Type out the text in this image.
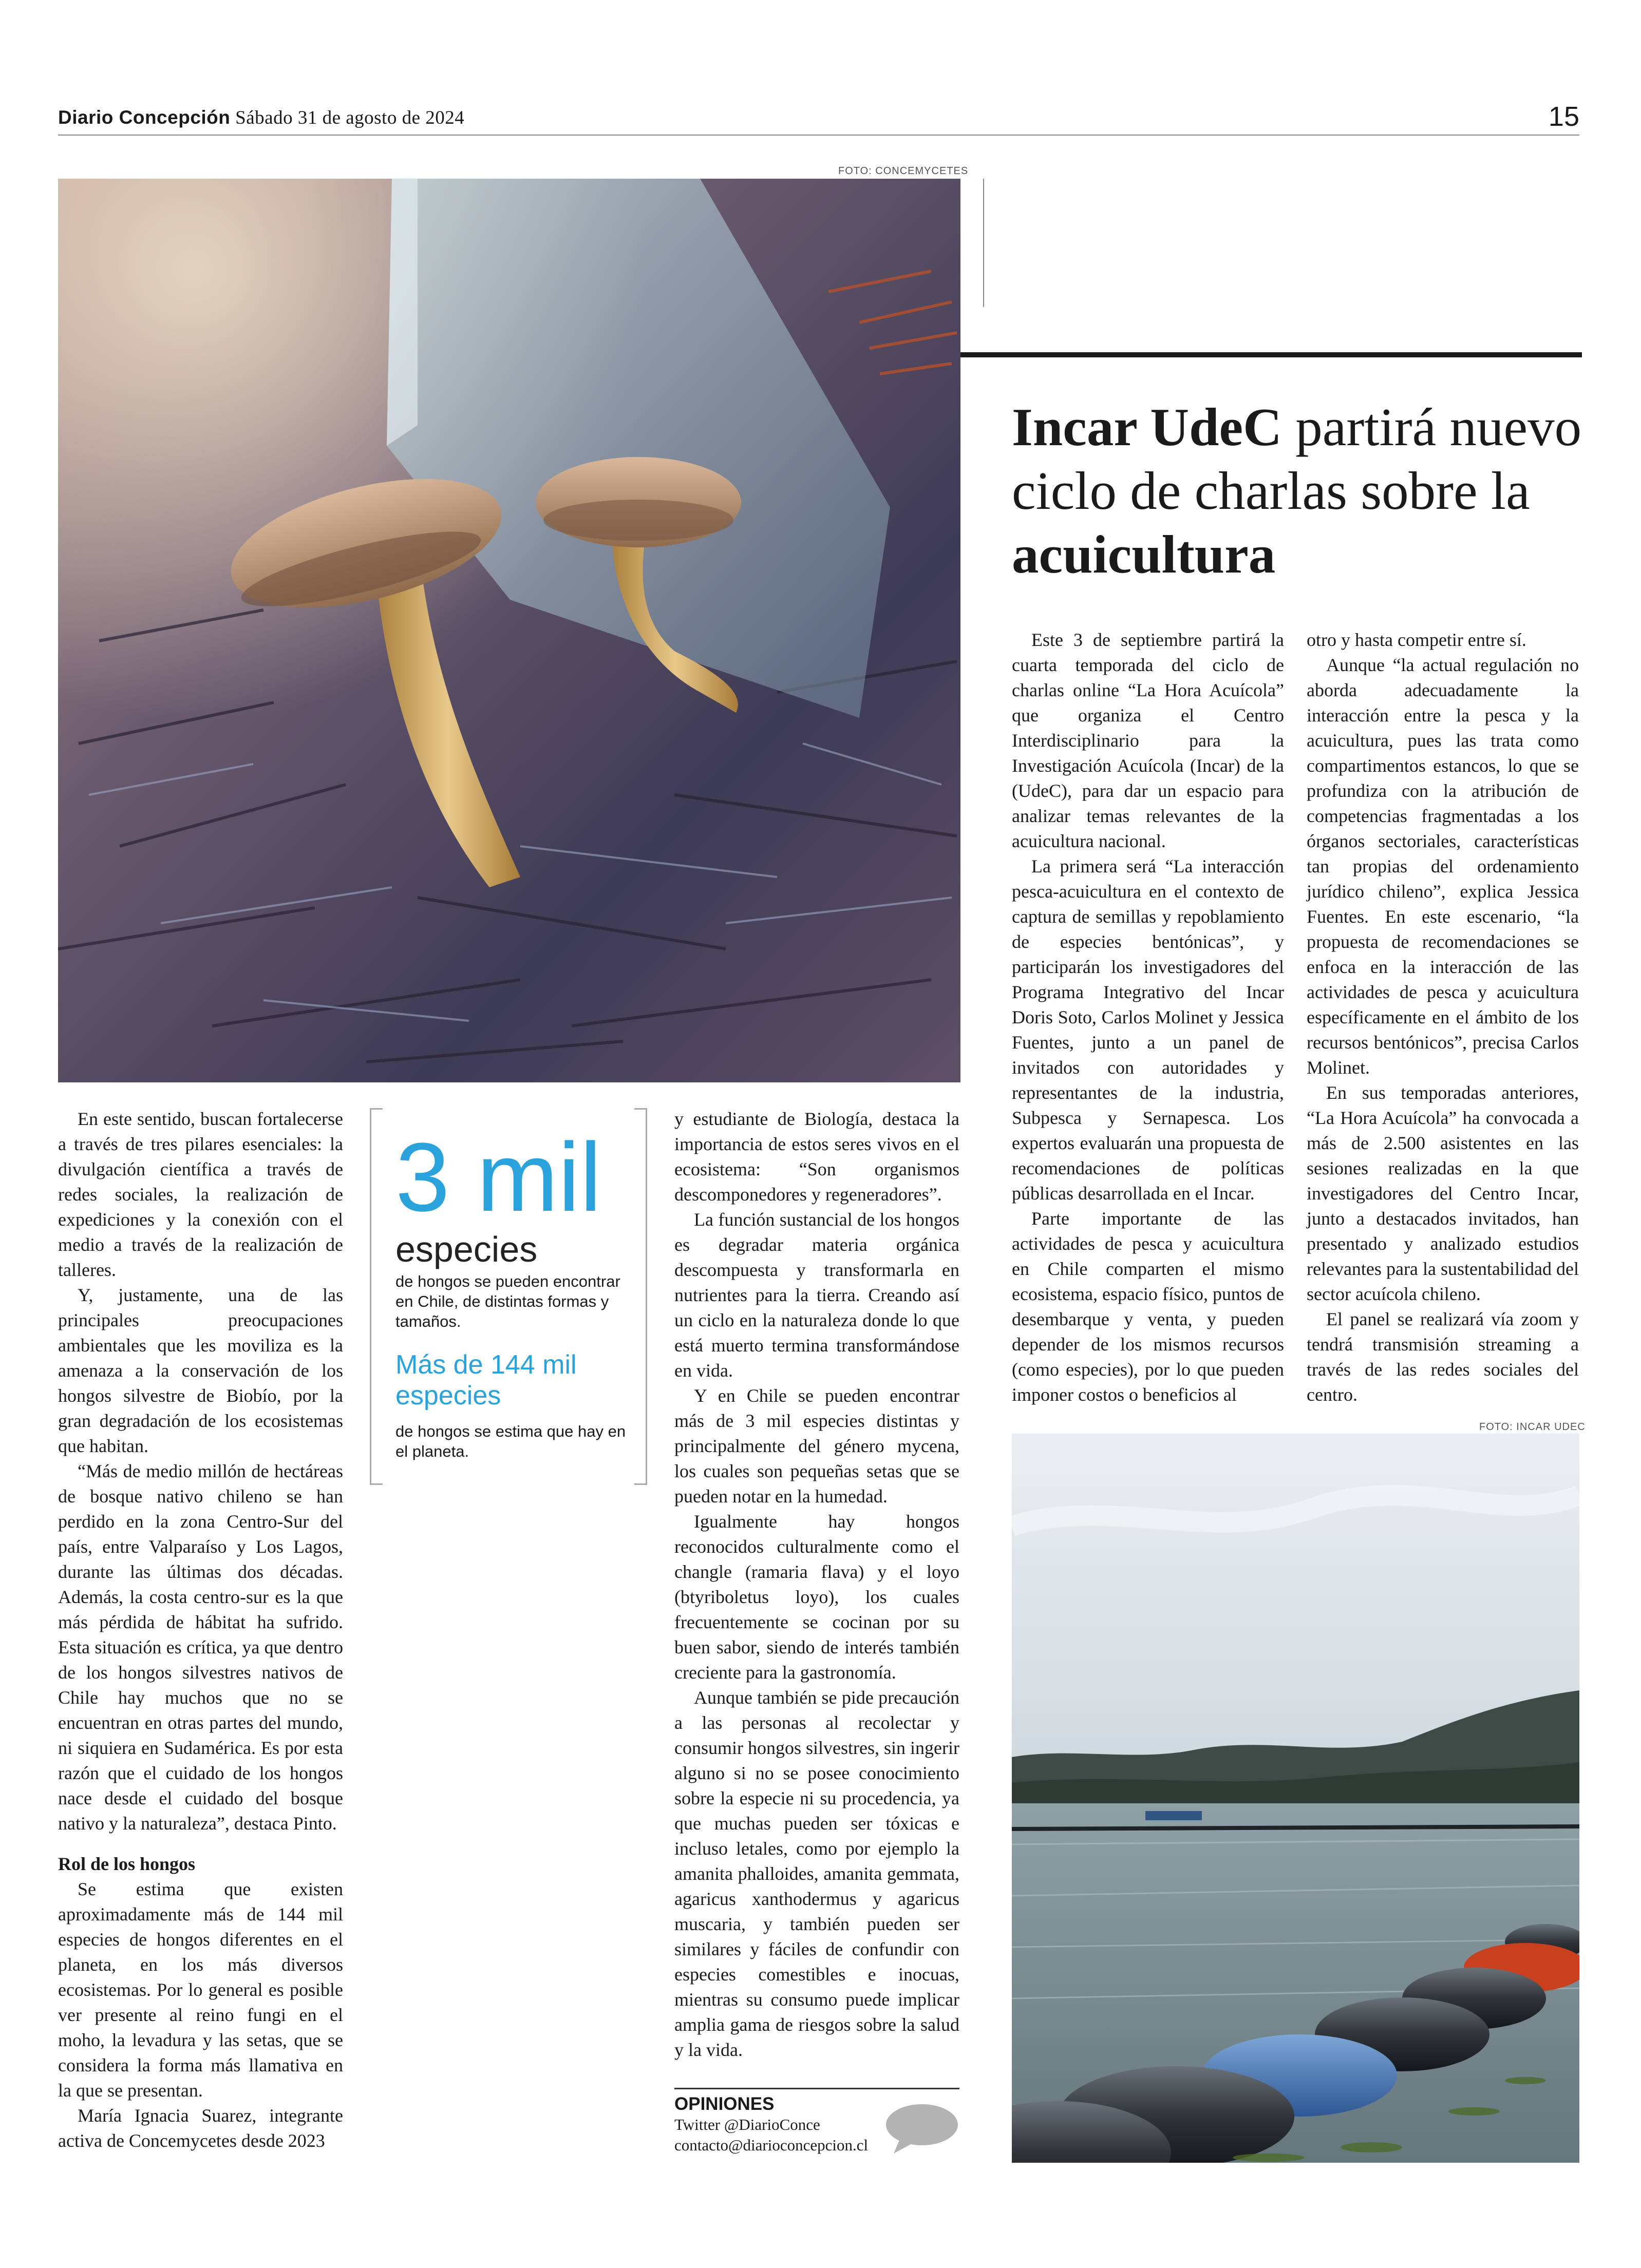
Diario Concepción Sábado 31 de agosto de 2024	15
FOTO: CONCEMYCETES
Incar UdeC partirá nuevo ciclo de charlas sobre la acuicultura

Este 3 de septiembre partirá la cuarta temporada del ciclo de charlas online “La Hora Acuícola” que organiza el Centro Interdisciplinario para la Investigación Acuícola (Incar) de la (UdeC), para dar un espacio para analizar temas relevantes de la acuicultura nacional.

La primera será “La interacción pesca-acuicultura en el contexto de captura de semillas y repoblamiento de especies bentónicas”, y participarán los investigadores del Programa Integrativo del Incar Doris Soto, Carlos Molinet y Jessica Fuentes, junto a un panel de invitados con autoridades y representantes de la industria, Subpesca y Sernapesca. Los expertos evaluarán una propuesta de recomendaciones de políticas públicas desarrollada en el Incar.

Parte importante de las actividades de pesca y acuicultura en Chile comparten el mismo ecosistema, espacio físico, puntos de desembarque y venta, y pueden depender de los mismos recursos (como especies), por lo que pueden imponer costos o beneficios al

otro y hasta competir entre sí.

Aunque “la actual regulación no aborda adecuadamente la interacción entre la pesca y la acuicultura, pues las trata como compartimentos estancos, lo que se profundiza con la atribución de competencias fragmentadas a los órganos sectoriales, características tan propias del ordenamiento jurídico chileno”, explica Jessica Fuentes. En este escenario, “la propuesta de recomendaciones se enfoca en la interacción de las actividades de pesca y acuicultura específicamente en el ámbito de los recursos bentónicos”, precisa Carlos Molinet.

En sus temporadas anteriores, “La Hora Acuícola” ha convocada a más de 2.500 asistentes en las sesiones realizadas en la que investigadores del Centro Incar, junto a destacados invitados, han presentado y analizado estudios relevantes para la sustentabilidad del sector acuícola chileno.

El panel se realizará vía zoom y tendrá transmisión streaming a través de las redes sociales del centro.

FOTO: INCAR UDEC

En este sentido, buscan fortalecerse a través de tres pilares esenciales: la divulgación científica a través de redes sociales, la realización de expediciones y la conexión con el medio a través de la realización de talleres.

Y, justamente, una de las principales preocupaciones ambientales que les moviliza es la amenaza a la conservación de los hongos silvestre de Biobío, por la gran degradación de los ecosistemas que habitan.

“Más de medio millón de hectáreas de bosque nativo chileno se han perdido en la zona Centro-Sur del país, entre Valparaíso y Los Lagos, durante las últimas dos décadas. Además, la costa centro-sur es la que más pérdida de hábitat ha sufrido. Esta situación es crítica, ya que dentro de los hongos silvestres nativos de Chile hay muchos que no se encuentran en otras partes del mundo, ni siquiera en Sudamérica. Es por esta razón que el cuidado de los hongos nace desde el cuidado del bosque nativo y la naturaleza”, destaca Pinto.

Rol de los hongos

Se estima que existen aproximadamente más de 144 mil especies de hongos diferentes en el planeta, en los más diversos ecosistemas. Por lo general es posible ver presente al reino fungi en el moho, la levadura y las setas, que se considera la forma más llamativa en la que se presentan.

María Ignacia Suarez, integrante activa de Concemycetes desde 2023

3 mil
especies
de hongos se pueden encontrar en Chile, de distintas formas y tamaños.
Más de 144 mil especies
de hongos se estima que hay en el planeta.

y estudiante de Biología, destaca la importancia de estos seres vivos en el ecosistema: “Son organismos descomponedores y regeneradores”.

La función sustancial de los hongos es degradar materia orgánica descompuesta y transformarla en nutrientes para la tierra. Creando así un ciclo en la naturaleza donde lo que está muerto termina transformándose en vida.

Y en Chile se pueden encontrar más de 3 mil especies distintas y principalmente del género mycena, los cuales son pequeñas setas que se pueden notar en la humedad.

Igualmente hay hongos reconocidos culturalmente como el changle (ramaria flava) y el loyo (btyriboletus loyo), los cuales frecuentemente se cocinan por su buen sabor, siendo de interés también creciente para la gastronomía.

Aunque también se pide precaución a las personas al recolectar y consumir hongos silvestres, sin ingerir alguno si no se posee conocimiento sobre la especie ni su procedencia, ya que muchas pueden ser tóxicas e incluso letales, como por ejemplo la amanita phalloides, amanita gemmata, agaricus xanthodermus y agaricus muscaria, y también pueden ser similares y fáciles de confundir con especies comestibles e inocuas, mientras su consumo puede implicar amplia gama de riesgos sobre la salud y la vida.

OPINIONES
Twitter @DiarioConce
contacto@diarioconcepcion.cl
